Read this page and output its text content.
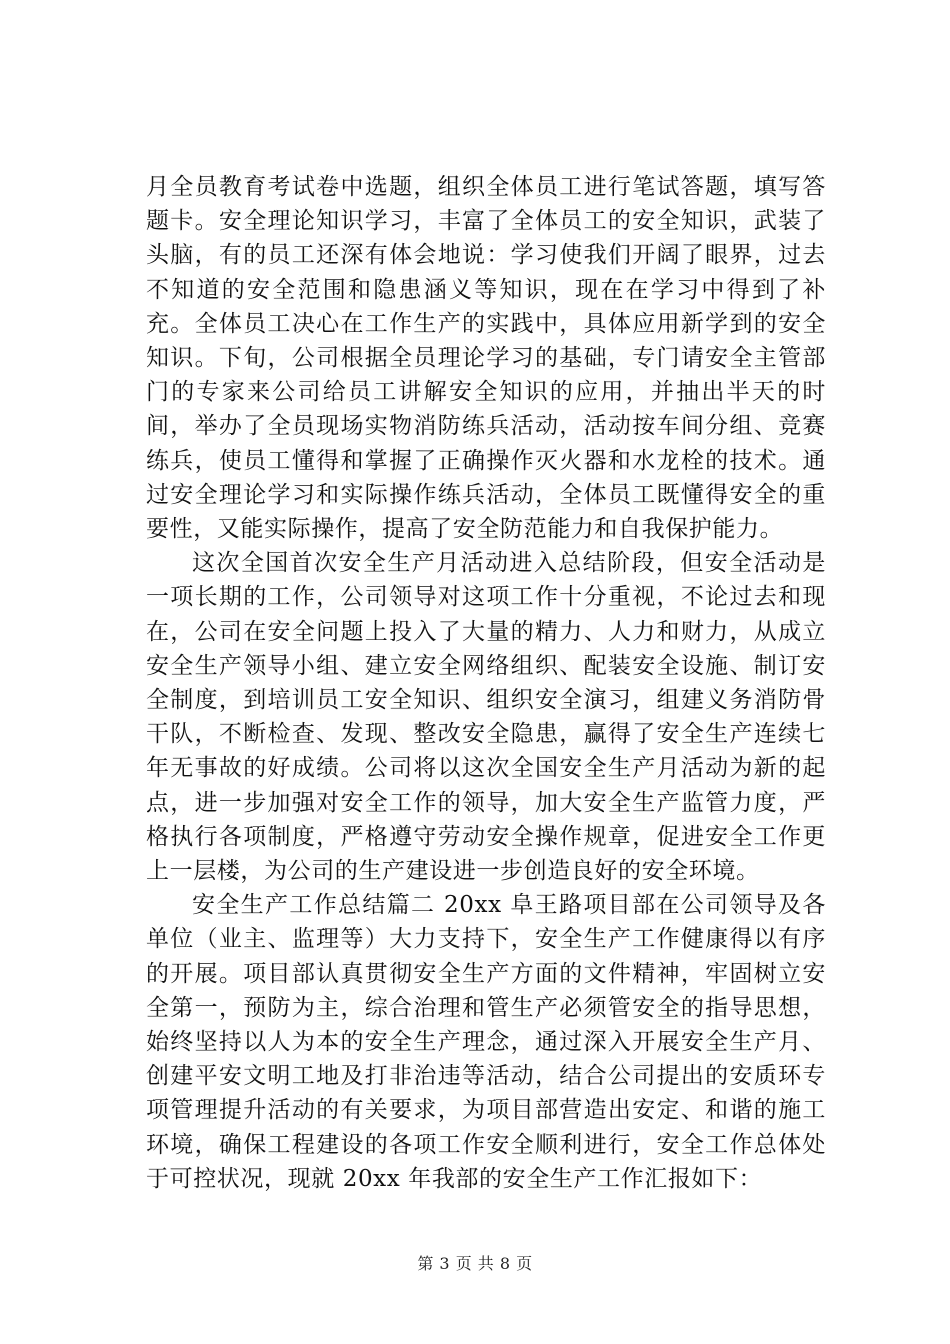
月全员教育考试卷中选题，组织全体员工进行笔试答题，填写答题卡。安全理论知识学习，丰富了全体员工的安全知识，武装了头脑，有的员工还深有体会地说：学习使我们开阔了眼界，过去不知道的安全范围和隐患涵义等知识，现在在学习中得到了补充。全体员工决心在工作生产的实践中，具体应用新学到的安全知识。下旬，公司根据全员理论学习的基础，专门请安全主管部门的专家来公司给员工讲解安全知识的应用，并抽出半天的时间，举办了全员现场实物消防练兵活动，活动按车间分组、竞赛练兵，使员工懂得和掌握了正确操作灭火器和水龙栓的技术。通过安全理论学习和实际操作练兵活动，全体员工既懂得安全的重要性，又能实际操作，提高了安全防范能力和自我保护能力。

这次全国首次安全生产月活动进入总结阶段，但安全活动是一项长期的工作，公司领导对这项工作十分重视，不论过去和现在，公司在安全问题上投入了大量的精力、人力和财力，从成立安全生产领导小组、建立安全网络组织、配装安全设施、制订安全制度，到培训员工安全知识、组织安全演习，组建义务消防骨干队，不断检查、发现、整改安全隐患，赢得了安全生产连续七年无事故的好成绩。公司将以这次全国安全生产月活动为新的起点，进一步加强对安全工作的领导，加大安全生产监管力度，严格执行各项制度，严格遵守劳动安全操作规章，促进安全工作更上一层楼，为公司的生产建设进一步创造良好的安全环境。

安全生产工作总结篇二 20xx 阜王路项目部在公司领导及各单位（业主、监理等）大力支持下，安全生产工作健康得以有序的开展。项目部认真贯彻安全生产方面的文件精神，牢固树立安全第一，预防为主，综合治理和管生产必须管安全的指导思想，始终坚持以人为本的安全生产理念，通过深入开展安全生产月、创建平安文明工地及打非治违等活动，结合公司提出的安质环专项管理提升活动的有关要求，为项目部营造出安定、和谐的施工环境，确保工程建设的各项工作安全顺利进行，安全工作总体处于可控状况，现就 20xx 年我部的安全生产工作汇报如下：

第 3 页 共 8 页
